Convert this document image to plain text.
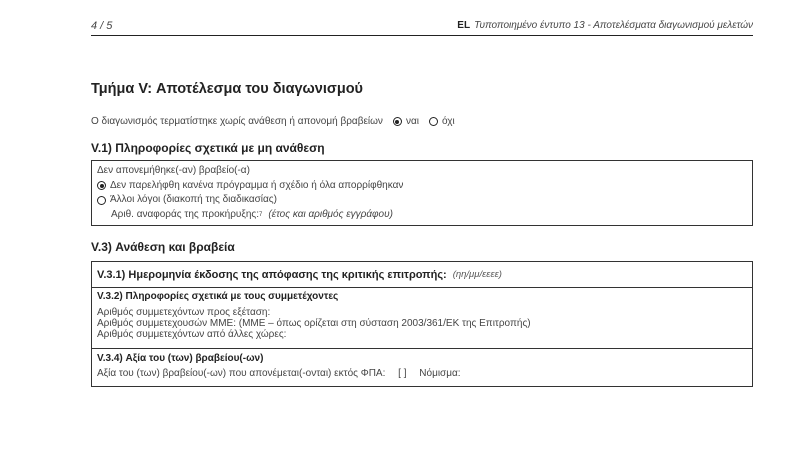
4 / 5	EL Τυποποιημένο έντυπο 13 - Αποτελέσματα διαγωνισμού μελετών
Τμήμα V: Αποτέλεσμα του διαγωνισμού
Ο διαγωνισμός τερματίστηκε χωρίς ανάθεση ή απονομή βραβείων ναι όχι
V.1) Πληροφορίες σχετικά με μη ανάθεση
Δεν απονεμήθηκε(-αν) βραβείο(-α)
Δεν παρελήφθη κανένα πρόγραμμα ή σχέδιο ή όλα απορρίφθηκαν
Άλλοι λόγοι (διακοπή της διαδικασίας)
Αριθ. αναφοράς της προκήρυξης: 7 (έτος και αριθμός εγγράφου)
V.3) Ανάθεση και βραβεία
V.3.1) Ημερομηνία έκδοσης της απόφασης της κριτικής επιτροπής: (ηη/μμ/εεεε)
V.3.2) Πληροφορίες σχετικά με τους συμμετέχοντες
Αριθμός συμμετεχόντων προς εξέταση:
Αριθμός συμμετεχουσών ΜΜΕ: (ΜΜΕ – όπως ορίζεται στη σύσταση 2003/361/ΕΚ της Επιτροπής)
Αριθμός συμμετεχόντων από άλλες χώρες:
V.3.4) Αξία του (των) βραβείου(-ων)
Αξία του (των) βραβείου(-ων) που απονέμεται(-ονται) εκτός ΦΠΑ: [ ] Νόμισμα:
